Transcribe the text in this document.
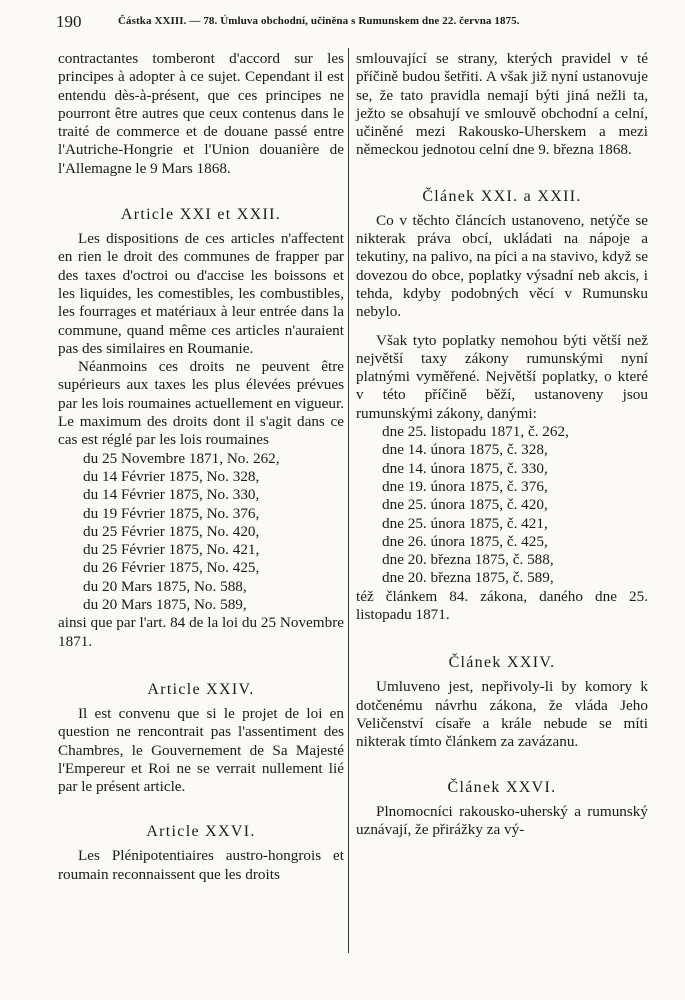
190	Částka XXIII. — 78. Úmluva obchodní, učiněna s Rumunskem dne 22. června 1875.

contractantes tomberont d'accord sur les principes à adopter à ce sujet. Cependant il est entendu dès-à-présent, que ces principes ne pourront être autres que ceux contenus dans le traité de commerce et de douane passé entre l'Autriche-Hongrie et l'Union douanière de l'Allemagne le 9 Mars 1868.

Article XXI et XXII.

Les dispositions de ces articles n'affectent en rien le droit des communes de frapper par des taxes d'octroi ou d'accise les boissons et les liquides, les comestibles, les combustibles, les fourrages et matériaux à leur entrée dans la commune, quand même ces articles n'auraient pas des similaires en Roumanie.

Néanmoins ces droits ne peuvent être supérieurs aux taxes les plus élevées prévues par les lois roumaines actuellement en vigueur. Le maximum des droits dont il s'agit dans ce cas est réglé par les lois roumaines

du 25 Novembre 1871, No. 262,
du 14 Février 1875, No. 328,
du 14 Février 1875, No. 330,
du 19 Février 1875, No. 376,
du 25 Février 1875, No. 420,
du 25 Février 1875, No. 421,
du 26 Février 1875, No. 425,
du 20 Mars 1875, No. 588,
du 20 Mars 1875, No. 589,

ainsi que par l'art. 84 de la loi du 25 Novembre 1871.

Article XXIV.

Il est convenu que si le projet de loi en question ne rencontrait pas l'assentiment des Chambres, le Gouvernement de Sa Majesté l'Empereur et Roi ne se verrait nullement lié par le présent article.

Article XXVI.

Les Plénipotentiaires austro-hongrois et roumain reconnaissent que les droits

smlouvající se strany, kterých pravidel v té příčině budou šetřiti. A však již nyní ustanovuje se, že tato pravidla nemají býti jiná nežli ta, ježto se obsahují ve smlouvě obchodní a celní, učiněné mezi Rakousko-Uherskem a mezi německou jednotou celní dne 9. března 1868.

Článek XXI. a XXII.

Co v těchto článcích ustanoveno, netýče se nikterak práva obcí, ukládati na nápoje a tekutiny, na palivo, na píci a na stavivo, když se dovezou do obce, poplatky výsadní neb akcis, i tehda, kdyby podobných věcí v Rumunsku nebylo.

Však tyto poplatky nemohou býti větší než největší taxy zákony rumunskými nyní platnými vyměřené. Největší poplatky, o které v této příčině běží, ustanoveny jsou rumunskými zákony, danými:

dne 25. listopadu 1871, č. 262,
dne 14. února 1875, č. 328,
dne 14. února 1875, č. 330,
dne 19. února 1875, č. 376,
dne 25. února 1875, č. 420,
dne 25. února 1875, č. 421,
dne 26. února 1875, č. 425,
dne 20. března 1875, č. 588,
dne 20. března 1875, č. 589,

též článkem 84. zákona, daného dne 25. listopadu 1871.

Článek XXIV.

Umluveno jest, nepřivoly-li by komory k dotčenému návrhu zákona, že vláda Jeho Veličenství císaře a krále nebude se míti nikterak tímto článkem za zavázanu.

Článek XXVI.

Plnomocníci rakousko-uherský a rumunský uznávají, že přirážky za vý-
